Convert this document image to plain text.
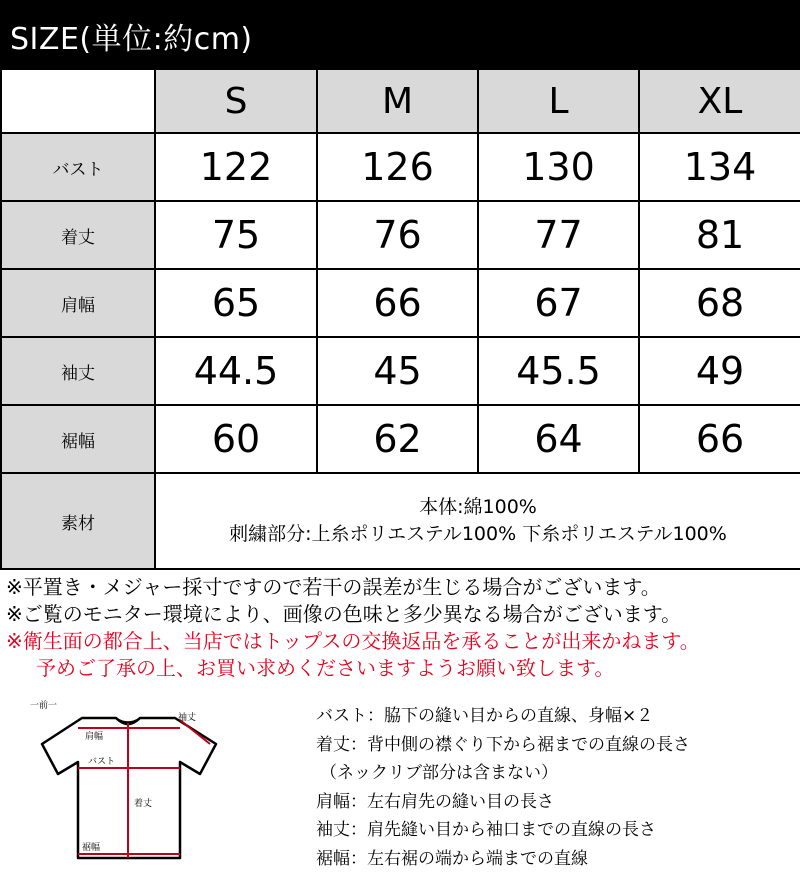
SIZE(単位:約cm)
	S	M	L	XL
バスト	122	126	130	134
着丈	75	76	77	81
肩幅	65	66	67	68
袖丈	44.5	45	45.5	49
裾幅	60	62	64	66
素材	本体:綿100%
刺繍部分:上糸ポリエステル100% 下糸ポリエステル100%			
※平置き・メジャー採寸ですので若干の誤差が生じる場合がございます。
※ご覧のモニター環境により、画像の色味と多少異なる場合がございます。
※衛生面の都合上、当店ではトップスの交換返品を承ることが出来かねます。
予めご了承の上、お買い求めくださいますようお願い致します。
一前一
肩幅
袖丈
バスト
着丈
裾幅
バスト：脇下の縫い目からの直線、身幅×２
着丈：背中側の襟ぐり下から裾までの直線の長さ
（ネックリブ部分は含まない）
肩幅：左右肩先の縫い目の長さ
袖丈：肩先縫い目から袖口までの直線の長さ
裾幅：左右裾の端から端までの直線
